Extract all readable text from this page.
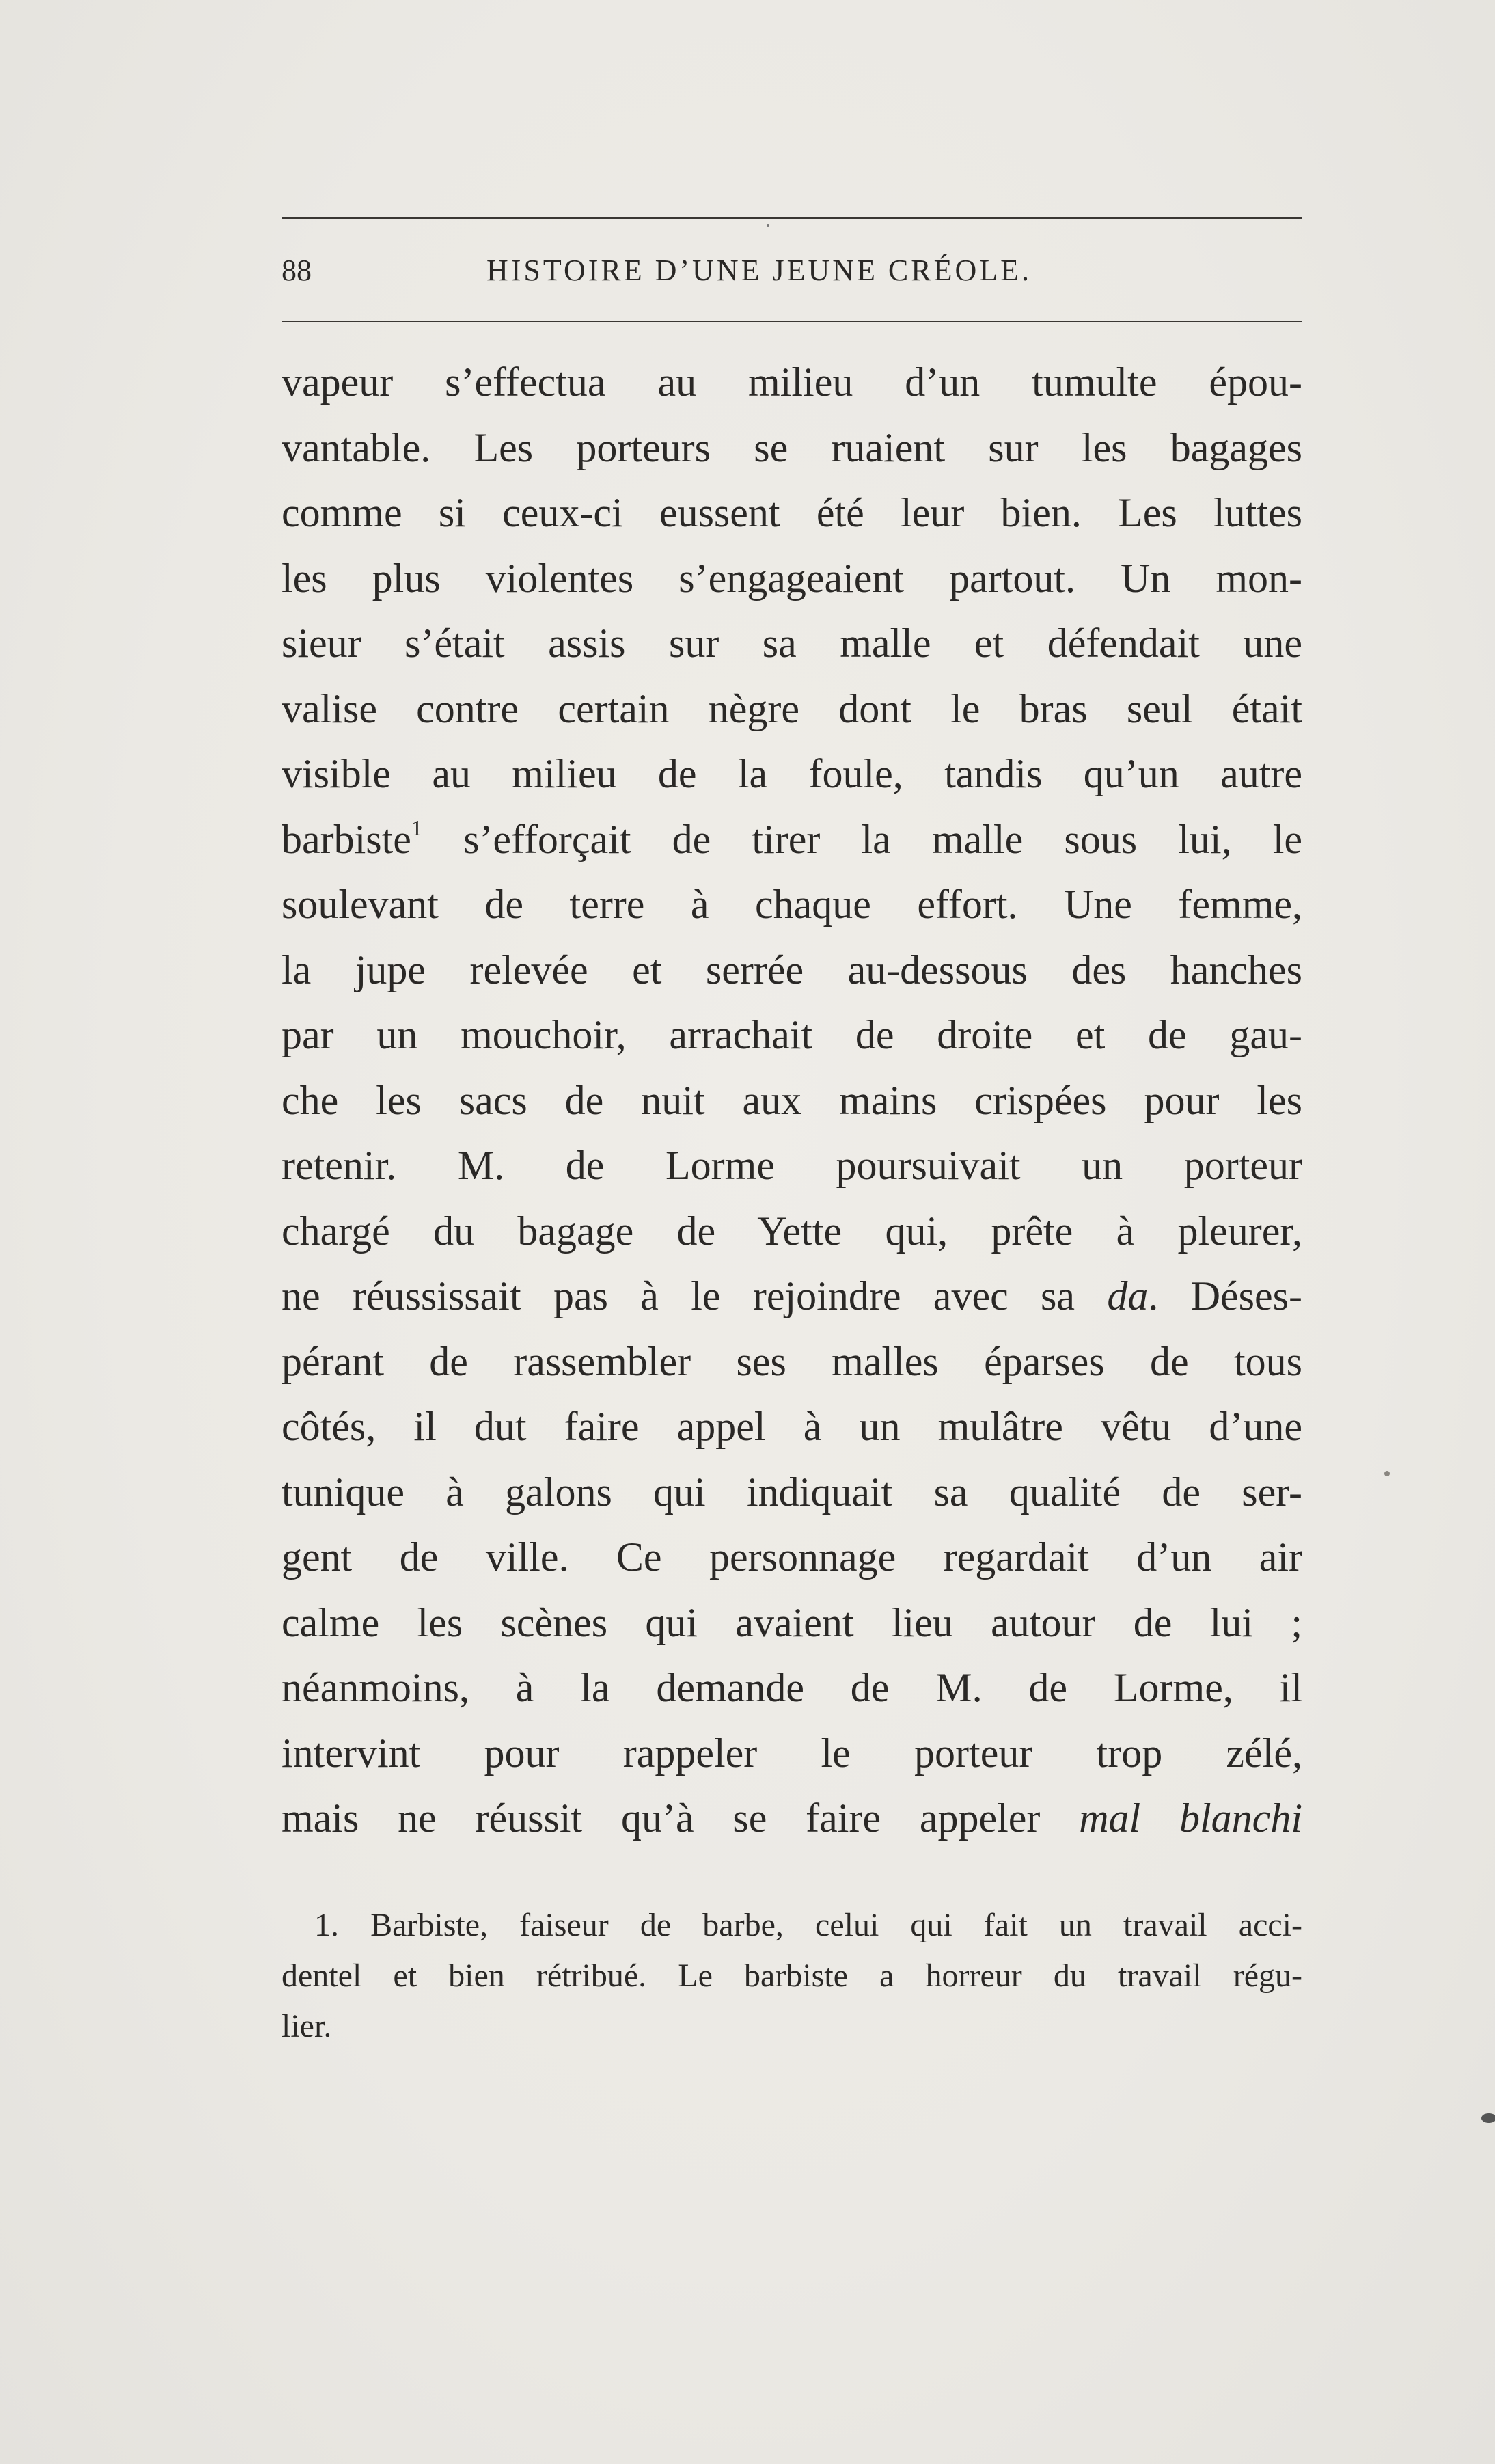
88	HISTOIRE D’UNE JEUNE CRÉOLE.
vapeur s’effectua au milieu d’un tumulte épou-
vantable. Les porteurs se ruaient sur les bagages
comme si ceux-ci eussent été leur bien. Les luttes
les plus violentes s’engageaient partout. Un mon-
sieur s’était assis sur sa malle et défendait une
valise contre certain nègre dont le bras seul était
visible au milieu de la foule, tandis qu’un autre
barbiste$^1$ s’efforçait de tirer la malle sous lui, le
soulevant de terre à chaque effort. Une femme,
la jupe relevée et serrée au-dessous des hanches
par un mouchoir, arrachait de droite et de gau-
che les sacs de nuit aux mains crispées pour les
retenir. M. de Lorme poursuivait un porteur
chargé du bagage de Yette qui, prête à pleurer,
ne réussissait pas à le rejoindre avec sa da. Déses-
pérant de rassembler ses malles éparses de tous
côtés, il dut faire appel à un mulâtre vêtu d’une
tunique à galons qui indiquait sa qualité de ser-
gent de ville. Ce personnage regardait d’un air
calme les scènes qui avaient lieu autour de lui ;
néanmoins, à la demande de M. de Lorme, il
intervint pour rappeler le porteur trop zélé,
mais ne réussit qu’à se faire appeler mal blanchi
1. Barbiste, faiseur de barbe, celui qui fait un travail acci-
dentel et bien rétribué. Le barbiste a horreur du travail régu-
lier.
